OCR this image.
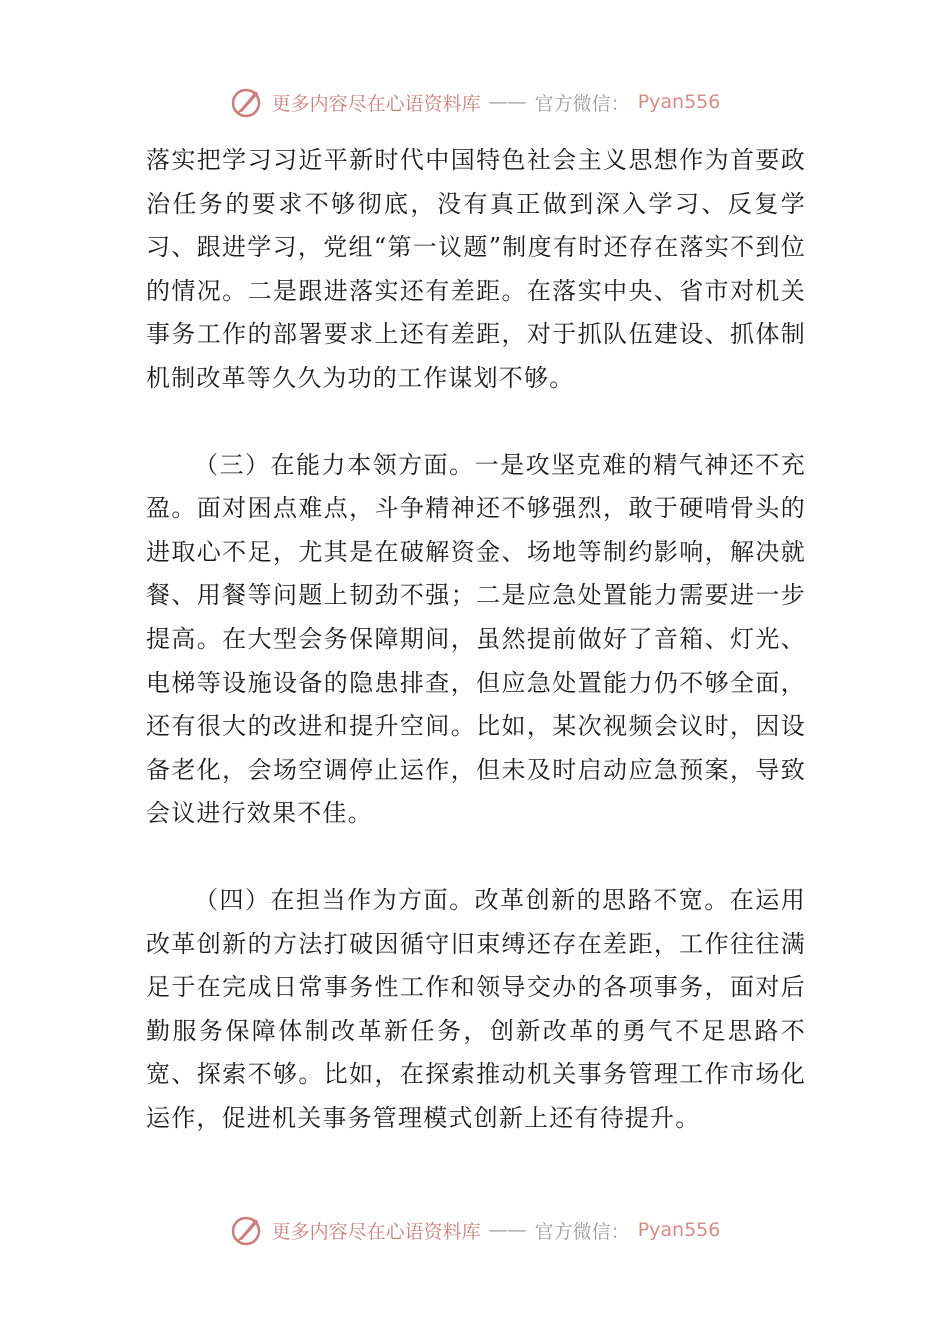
更多内容尽在心语资料库 —— 官方微信： Pyan556

落实把学习习近平新时代中国特色社会主义思想作为首要政治任务的要求不够彻底，没有真正做到深入学习、反复学习、跟进学习，党组“第一议题”制度有时还存在落实不到位的情况。二是跟进落实还有差距。在落实中央、省市对机关事务工作的部署要求上还有差距，对于抓队伍建设、抓体制机制改革等久久为功的工作谋划不够。

（三）在能力本领方面。一是攻坚克难的精气神还不充盈。面对困点难点，斗争精神还不够强烈，敢于硬啃骨头的进取心不足，尤其是在破解资金、场地等制约影响，解决就餐、用餐等问题上韧劲不强；二是应急处置能力需要进一步提高。在大型会务保障期间，虽然提前做好了音箱、灯光、电梯等设施设备的隐患排查，但应急处置能力仍不够全面，还有很大的改进和提升空间。比如，某次视频会议时，因设备老化，会场空调停止运作，但未及时启动应急预案，导致会议进行效果不佳。

（四）在担当作为方面。改革创新的思路不宽。在运用改革创新的方法打破因循守旧束缚还存在差距，工作往往满足于在完成日常事务性工作和领导交办的各项事务，面对后勤服务保障体制改革新任务，创新改革的勇气不足思路不宽、探索不够。比如，在探索推动机关事务管理工作市场化运作，促进机关事务管理模式创新上还有待提升。

更多内容尽在心语资料库 —— 官方微信： Pyan556
